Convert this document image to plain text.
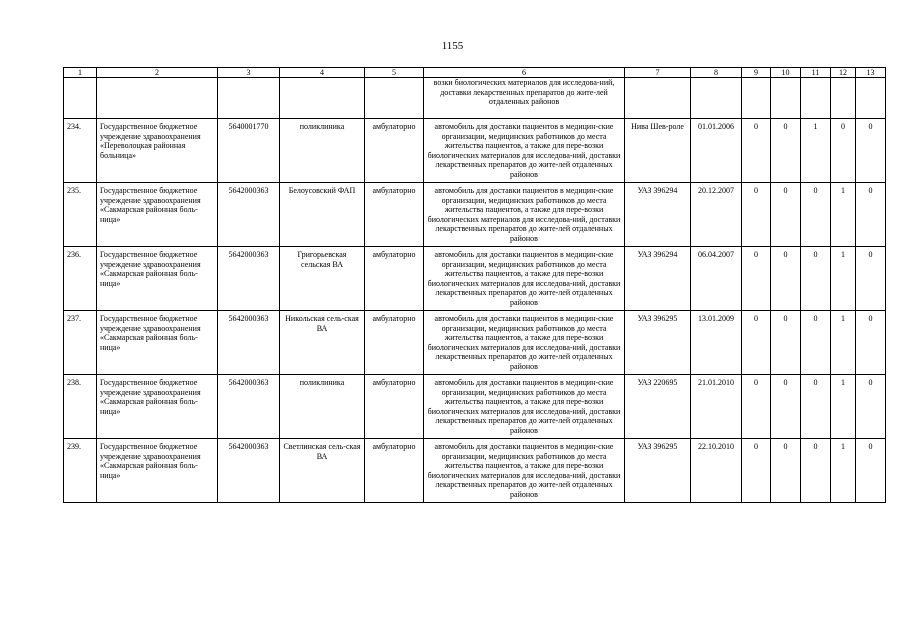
1155
1	2	3	4	5	6	7	8	9	10	11	12	13
					возки биологических материалов для исследова-ний, доставки лекарственных препаратов до жите-лей отдаленных районов							
234.	Государственное бюджетное учреждение здравоохранения «Переволоцкая районная больница»	5640001770	поликлиника	амбулаторно	автомобиль для доставки пациентов в медицин-ские организации, медицинских работников до места жительства пациентов, а также для пере-возки биологических материалов для исследова-ний, доставки лекарственных препаратов до жите-лей отдаленных районов	Нива Шев-роле	01.01.2006	0	0	1	0	0
235.	Государственное бюджетное учреждение здравоохранения «Сакмарская районная боль-ница»	5642000363	Белоусовский ФАП	амбулаторно	автомобиль для доставки пациентов в медицин-ские организации, медицинских работников до места жительства пациентов, а также для пере-возки биологических материалов для исследова-ний, доставки лекарственных препаратов до жите-лей отдаленных районов	УАЗ 396294	20.12.2007	0	0	0	1	0
236.	Государственное бюджетное учреждение здравоохранения «Сакмарская районная боль-ница»	5642000363	Григорьевская сельская ВА	амбулаторно	автомобиль для доставки пациентов в медицин-ские организации, медицинских работников до места жительства пациентов, а также для пере-возки биологических материалов для исследова-ний, доставки лекарственных препаратов до жите-лей отдаленных районов	УАЗ 396294	06.04.2007	0	0	0	1	0
237.	Государственное бюджетное учреждение здравоохранения «Сакмарская районная боль-ница»	5642000363	Никольская сель-ская ВА	амбулаторно	автомобиль для доставки пациентов в медицин-ские организации, медицинских работников до места жительства пациентов, а также для пере-возки биологических материалов для исследова-ний, доставки лекарственных препаратов до жите-лей отдаленных районов	УАЗ 396295	13.01.2009	0	0	0	1	0
238.	Государственное бюджетное учреждение здравоохранения «Сакмарская районная боль-ница»	5642000363	поликлиника	амбулаторно	автомобиль для доставки пациентов в медицин-ские организации, медицинских работников до места жительства пациентов, а также для пере-возки биологических материалов для исследова-ний, доставки лекарственных препаратов до жите-лей отдаленных районов	УАЗ 220695	21.01.2010	0	0	0	1	0
239.	Государственное бюджетное учреждение здравоохранения «Сакмарская районная боль-ница»	5642000363	Светлинская сель-ская ВА	амбулаторно	автомобиль для доставки пациентов в медицин-ские организации, медицинских работников до места жительства пациентов, а также для пере-возки биологических материалов для исследова-ний, доставки лекарственных препаратов до жите-лей отдаленных районов	УАЗ 396295	22.10.2010	0	0	0	1	0
